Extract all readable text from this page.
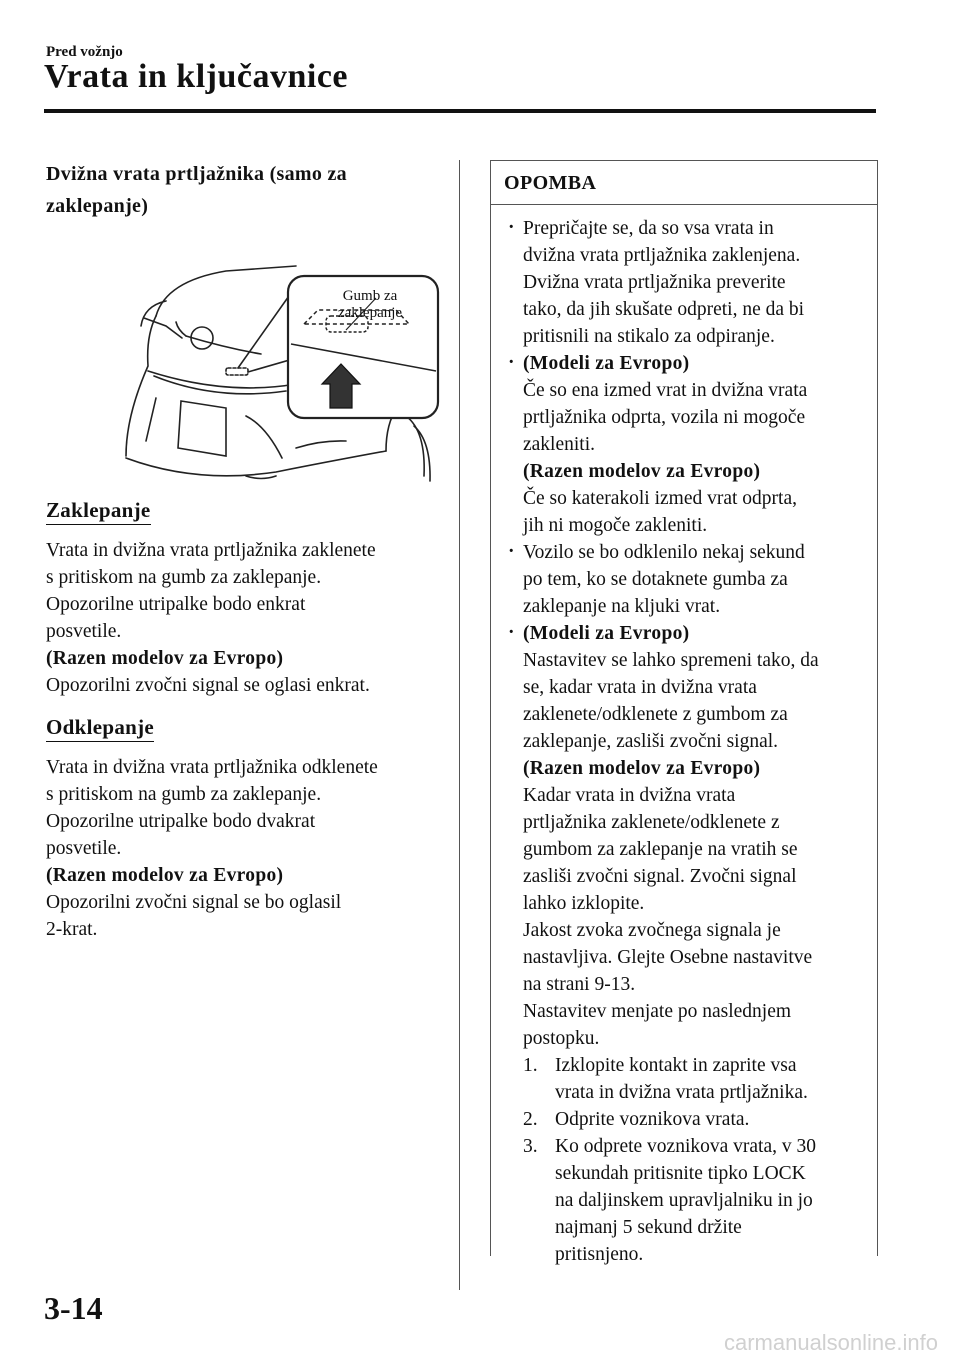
Pred vožnjo
Vrata in ključavnice

Dvižna vrata prtljažnika (samo za
zaklepanje)

Gumb za
zaklepanje
Zaklepanje

Vrata in dvižna vrata prtljažnika zaklenete

s pritiskom na gumb za zaklepanje.

Opozorilne utripalke bodo enkrat

posvetile.

(Razen modelov za Evropo)

Opozorilni zvočni signal se oglasi enkrat.

Odklepanje

Vrata in dvižna vrata prtljažnika odklenete

s pritiskom na gumb za zaklepanje.

Opozorilne utripalke bodo dvakrat

posvetile.

(Razen modelov za Evropo)

Opozorilni zvočni signal se bo oglasil

2-krat.

OPOMBA
· Prepričajte se, da so vsa vrata in
dvižna vrata prtljažnika zaklenjena.
Dvižna vrata prtljažnika preverite
tako, da jih skušate odpreti, ne da bi
pritisnili na stikalo za odpiranje.
· (Modeli za Evropo)
Če so ena izmed vrat in dvižna vrata
prtljažnika odprta, vozila ni mogoče
zakleniti.
(Razen modelov za Evropo)
Če so katerakoli izmed vrat odprta,
jih ni mogoče zakleniti.
· Vozilo se bo odklenilo nekaj sekund
po tem, ko se dotaknete gumba za
zaklepanje na kljuki vrat.
· (Modeli za Evropo)
Nastavitev se lahko spremeni tako, da
se, kadar vrata in dvižna vrata
zaklenete/odklenete z gumbom za
zaklepanje, zasliši zvočni signal.
(Razen modelov za Evropo)
Kadar vrata in dvižna vrata
prtljažnika zaklenete/odklenete z
gumbom za zaklepanje na vratih se
zasliši zvočni signal. Zvočni signal
lahko izklopite.
Jakost zvoka zvočnega signala je
nastavljiva. Glejte Osebne nastavitve
na strani 9-13.
Nastavitev menjate po naslednjem
postopku.
1. Izklopite kontakt in zaprite vsa
vrata in dvižna vrata prtljažnika.
2. Odprite voznikova vrata.
3. Ko odprete voznikova vrata, v 30
sekundah pritisnite tipko LOCK
na daljinskem upravljalniku in jo
najmanj 5 sekund držite
pritisnjeno.
3-14
carmanualsonline.info
